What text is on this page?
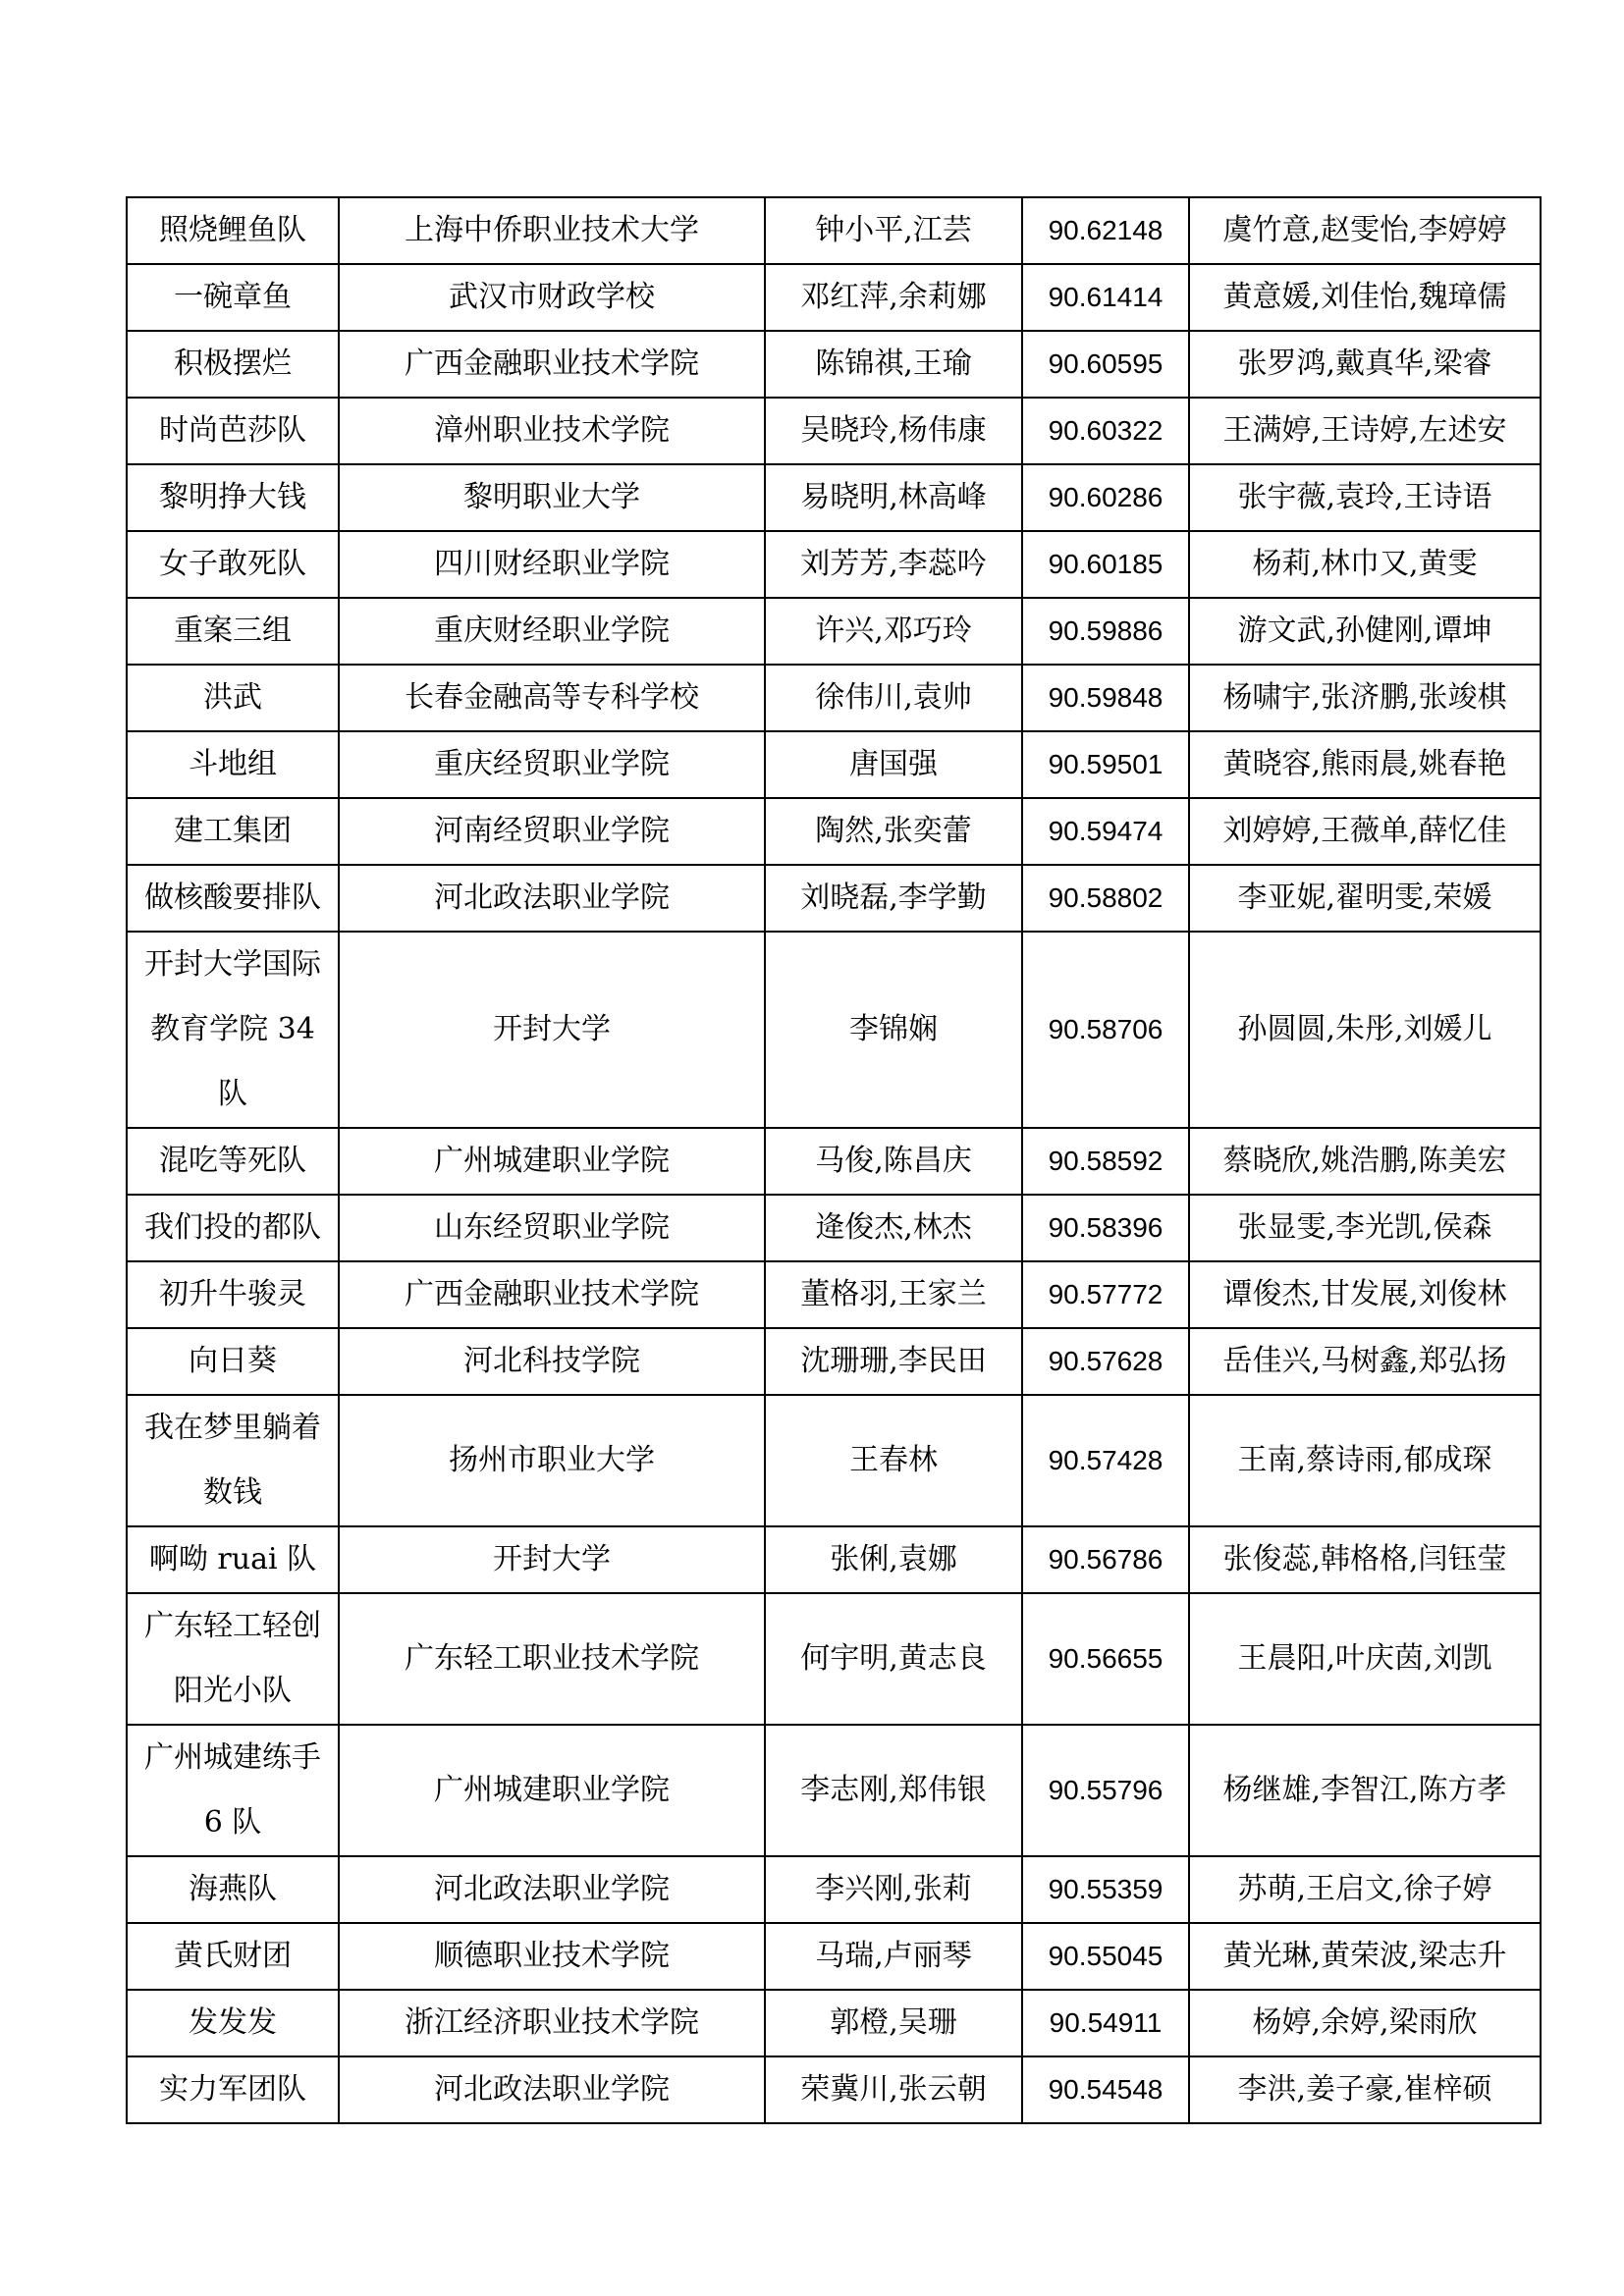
照烧鲤鱼队	上海中侨职业技术大学	钟小平,江芸	90.62148	虞竹意,赵雯怡,李婷婷
一碗章鱼	武汉市财政学校	邓红萍,余莉娜	90.61414	黄意媛,刘佳怡,魏璋儒
积极摆烂	广西金融职业技术学院	陈锦祺,王瑜	90.60595	张罗鸿,戴真华,梁睿
时尚芭莎队	漳州职业技术学院	吴晓玲,杨伟康	90.60322	王满婷,王诗婷,左述安
黎明挣大钱	黎明职业大学	易晓明,林高峰	90.60286	张宇薇,袁玲,王诗语
女子敢死队	四川财经职业学院	刘芳芳,李蕊吟	90.60185	杨莉,林巾又,黄雯
重案三组	重庆财经职业学院	许兴,邓巧玲	90.59886	游文武,孙健刚,谭坤
洪武	长春金融高等专科学校	徐伟川,袁帅	90.59848	杨啸宇,张济鹏,张竣棋
斗地组	重庆经贸职业学院	唐国强	90.59501	黄晓容,熊雨晨,姚春艳
建工集团	河南经贸职业学院	陶然,张奕蕾	90.59474	刘婷婷,王薇单,薛忆佳
做核酸要排队	河北政法职业学院	刘晓磊,李学勤	90.58802	李亚妮,翟明雯,荣媛
开封大学国际教育学院 34 队	开封大学	李锦娴	90.58706	孙圆圆,朱彤,刘媛儿
混吃等死队	广州城建职业学院	马俊,陈昌庆	90.58592	蔡晓欣,姚浩鹏,陈美宏
我们投的都队	山东经贸职业学院	逄俊杰,林杰	90.58396	张显雯,李光凯,侯森
初升牛骏灵	广西金融职业技术学院	董格羽,王家兰	90.57772	谭俊杰,甘发展,刘俊林
向日葵	河北科技学院	沈珊珊,李民田	90.57628	岳佳兴,马树鑫,郑弘扬
我在梦里躺着数钱	扬州市职业大学	王春林	90.57428	王南,蔡诗雨,郁成琛
啊呦 ruai 队	开封大学	张俐,袁娜	90.56786	张俊蕊,韩格格,闫钰莹
广东轻工轻创阳光小队	广东轻工职业技术学院	何宇明,黄志良	90.56655	王晨阳,叶庆茵,刘凯
广州城建练手 6 队	广州城建职业学院	李志刚,郑伟银	90.55796	杨继雄,李智江,陈方孝
海燕队	河北政法职业学院	李兴刚,张莉	90.55359	苏萌,王启文,徐子婷
黄氏财团	顺德职业技术学院	马瑞,卢丽琴	90.55045	黄光琳,黄荣波,梁志升
发发发	浙江经济职业技术学院	郭橙,吴珊	90.54911	杨婷,余婷,梁雨欣
实力军团队	河北政法职业学院	荣冀川,张云朝	90.54548	李洪,姜子豪,崔梓硕
